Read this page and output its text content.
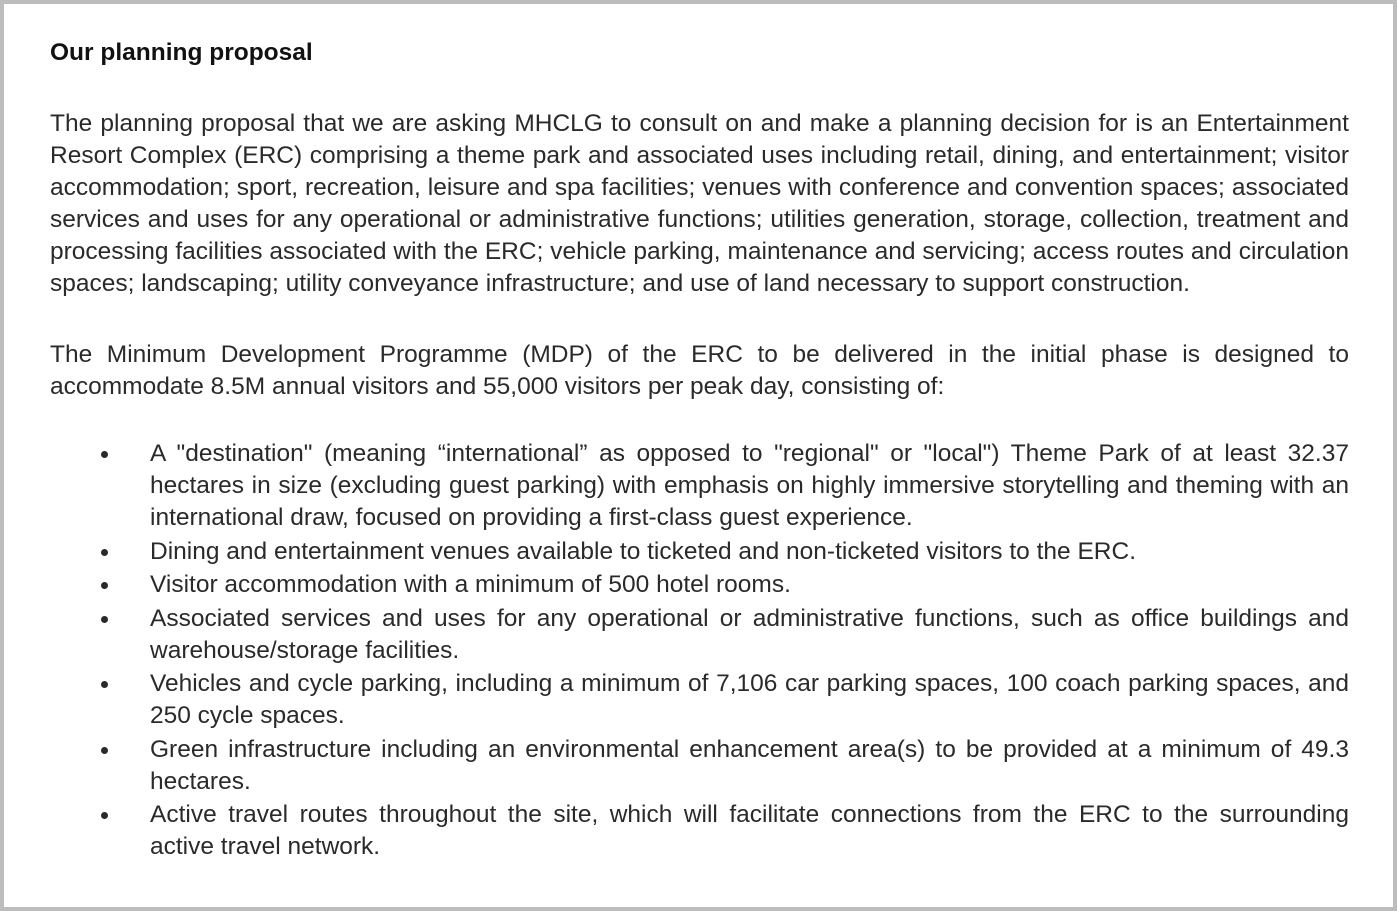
Our planning proposal

The planning proposal that we are asking MHCLG to consult on and make a planning decision for is an Entertainment Resort Complex (ERC) comprising a theme park and associated uses including retail, dining, and entertainment; visitor accommodation; sport, recreation, leisure and spa facilities; venues with conference and convention spaces; associated services and uses for any operational or administrative functions; utilities generation, storage, collection, treatment and processing facilities associated with the ERC; vehicle parking, maintenance and servicing; access routes and circulation spaces; landscaping; utility conveyance infrastructure; and use of land necessary to support construction.

The Minimum Development Programme (MDP) of the ERC to be delivered in the initial phase is designed to accommodate 8.5M annual visitors and 55,000 visitors per peak day, consisting of:

A "destination" (meaning “international” as opposed to "regional" or "local") Theme Park of at least 32.37 hectares in size (excluding guest parking) with emphasis on highly immersive storytelling and theming with an international draw, focused on providing a first-class guest experience.
Dining and entertainment venues available to ticketed and non-ticketed visitors to the ERC.
Visitor accommodation with a minimum of 500 hotel rooms.
Associated services and uses for any operational or administrative functions, such as office buildings and warehouse/storage facilities.
Vehicles and cycle parking, including a minimum of 7,106 car parking spaces, 100 coach parking spaces, and 250 cycle spaces.
Green infrastructure including an environmental enhancement area(s) to be provided at a minimum of 49.3 hectares.
Active travel routes throughout the site, which will facilitate connections from the ERC to the surrounding active travel network.
